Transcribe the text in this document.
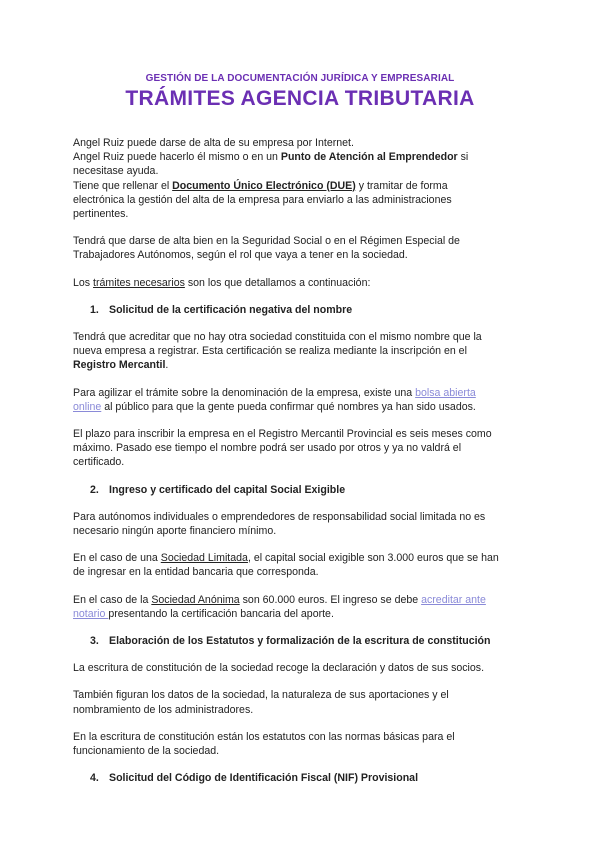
GESTIÓN DE LA DOCUMENTACIÓN JURÍDICA Y EMPRESARIAL
TRÁMITES AGENCIA TRIBUTARIA

Angel Ruiz puede darse de alta de su empresa por Internet.
Angel Ruiz puede hacerlo él mismo o en un Punto de Atención al Emprendedor si
necesitase ayuda.
Tiene que rellenar el Documento Único Electrónico (DUE) y tramitar de forma
electrónica la gestión del alta de la empresa para enviarlo a las administraciones
pertinentes.

Tendrá que darse de alta bien en la Seguridad Social o en el Régimen Especial de
Trabajadores Autónomos, según el rol que vaya a tener en la sociedad.

Los trámites necesarios son los que detallamos a continuación:

1. Solicitud de la certificación negativa del nombre

Tendrá que acreditar que no hay otra sociedad constituida con el mismo nombre que la
nueva empresa a registrar. Esta certificación se realiza mediante la inscripción en el
Registro Mercantil.

Para agilizar el trámite sobre la denominación de la empresa, existe una bolsa abierta
online al público para que la gente pueda confirmar qué nombres ya han sido usados.

El plazo para inscribir la empresa en el Registro Mercantil Provincial es seis meses como
máximo. Pasado ese tiempo el nombre podrá ser usado por otros y ya no valdrá el
certificado.

2. Ingreso y certificado del capital Social Exigible

Para autónomos individuales o emprendedores de responsabilidad social limitada no es
necesario ningún aporte financiero mínimo.

En el caso de una Sociedad Limitada, el capital social exigible son 3.000 euros que se han
de ingresar en la entidad bancaria que corresponda.

En el caso de la Sociedad Anónima son 60.000 euros. El ingreso se debe acreditar ante
notario presentando la certificación bancaria del aporte.

3. Elaboración de los Estatutos y formalización de la escritura de constitución

La escritura de constitución de la sociedad recoge la declaración y datos de sus socios.

También figuran los datos de la sociedad, la naturaleza de sus aportaciones y el
nombramiento de los administradores.

En la escritura de constitución están los estatutos con las normas básicas para el
funcionamiento de la sociedad.

4. Solicitud del Código de Identificación Fiscal (NIF) Provisional
